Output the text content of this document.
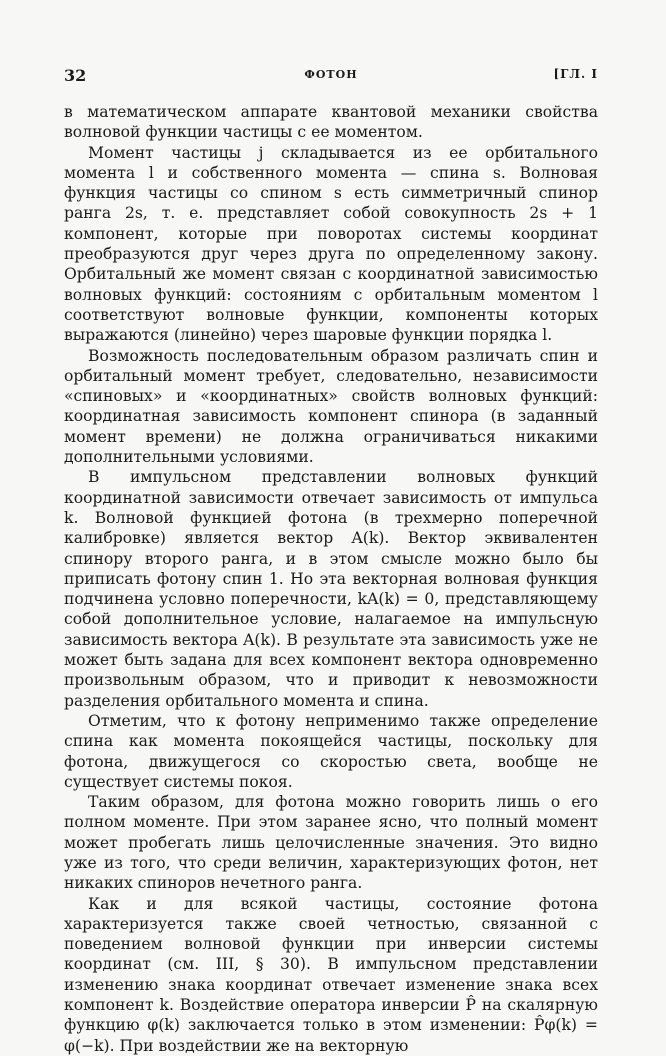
32	ФОТОН	[ГЛ. I

в математическом аппарате квантовой механики свойства волновой функции частицы с ее моментом.

Момент частицы j складывается из ее орбитального момента l и собственного момента — спина s. Волновая функция частицы со спином s есть симметричный спинор ранга 2s, т. е. представляет собой совокупность 2s + 1 компонент, которые при поворотах системы координат преобразуются друг через друга по определенному закону. Орбитальный же момент связан с координатной зависимостью волновых функций: состояниям с орбитальным моментом l соответствуют волновые функции, компоненты которых выражаются (линейно) через шаровые функции порядка l.

Возможность последовательным образом различать спин и орбитальный момент требует, следовательно, независимости «спиновых» и «координатных» свойств волновых функций: координатная зависимость компонент спинора (в заданный момент времени) не должна ограничиваться никакими дополнительными условиями.

В импульсном представлении волновых функций координатной зависимости отвечает зависимость от импульса k. Волновой функцией фотона (в трехмерно поперечной калибровке) является вектор A(k). Вектор эквивалентен спинору второго ранга, и в этом смысле можно было бы приписать фотону спин 1. Но эта векторная волновая функция подчинена условно поперечности, kA(k) = 0, представляющему собой дополнительное условие, налагаемое на импульсную зависимость вектора A(k). В результате эта зависимость уже не может быть задана для всех компонент вектора одновременно произвольным образом, что и приводит к невозможности разделения орбитального момента и спина.

Отметим, что к фотону неприменимо также определение спина как момента покоящейся частицы, поскольку для фотона, движущегося со скоростью света, вообще не существует системы покоя.

Таким образом, для фотона можно говорить лишь о его полном моменте. При этом заранее ясно, что полный момент может пробегать лишь целочисленные значения. Это видно уже из того, что среди величин, характеризующих фотон, нет никаких спиноров нечетного ранга.

Как и для всякой частицы, состояние фотона характеризуется также своей четностью, связанной с поведением волновой функции при инверсии системы координат (см. III, § 30). В импульсном представлении изменению знака координат отвечает изменение знака всех компонент k. Воздействие оператора инверсии P̂ на скалярную функцию φ(k) заключается только в этом изменении: P̂φ(k) = φ(−k). При воздействии же на векторную
